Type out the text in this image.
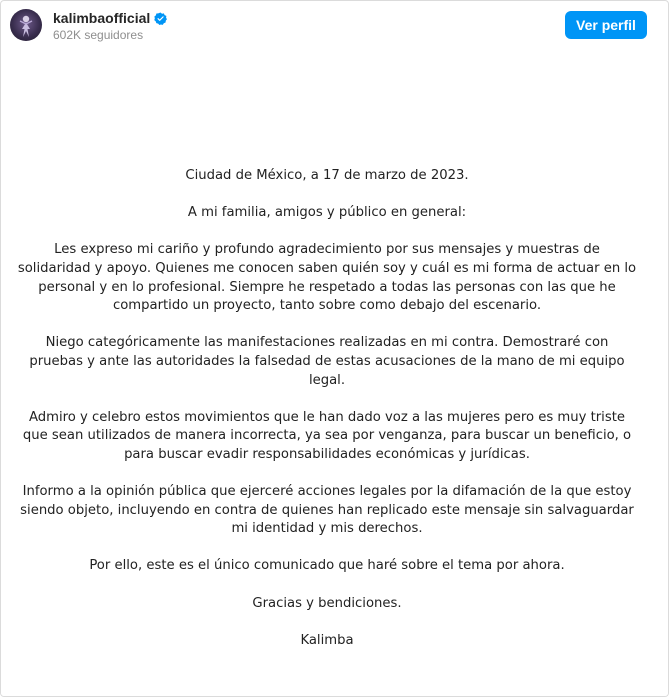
kalimbaofficial
602K seguidores
Ver perfil

Ciudad de México, a 17 de marzo de 2023.

A mi familia, amigos y público en general:

Les expreso mi cariño y profundo agradecimiento por sus mensajes y muestras de solidaridad y apoyo. Quienes me conocen saben quién soy y cuál es mi forma de actuar en lo personal y en lo profesional. Siempre he respetado a todas las personas con las que he compartido un proyecto, tanto sobre como debajo del escenario.

Niego categóricamente las manifestaciones realizadas en mi contra. Demostraré con pruebas y ante las autoridades la falsedad de estas acusaciones de la mano de mi equipo legal.

Admiro y celebro estos movimientos que le han dado voz a las mujeres pero es muy triste que sean utilizados de manera incorrecta, ya sea por venganza, para buscar un beneficio, o para buscar evadir responsabilidades económicas y jurídicas.

Informo a la opinión pública que ejerceré acciones legales por la difamación de la que estoy siendo objeto, incluyendo en contra de quienes han replicado este mensaje sin salvaguardar mi identidad y mis derechos.

Por ello, este es el único comunicado que haré sobre el tema por ahora.

Gracias y bendiciones.

Kalimba
